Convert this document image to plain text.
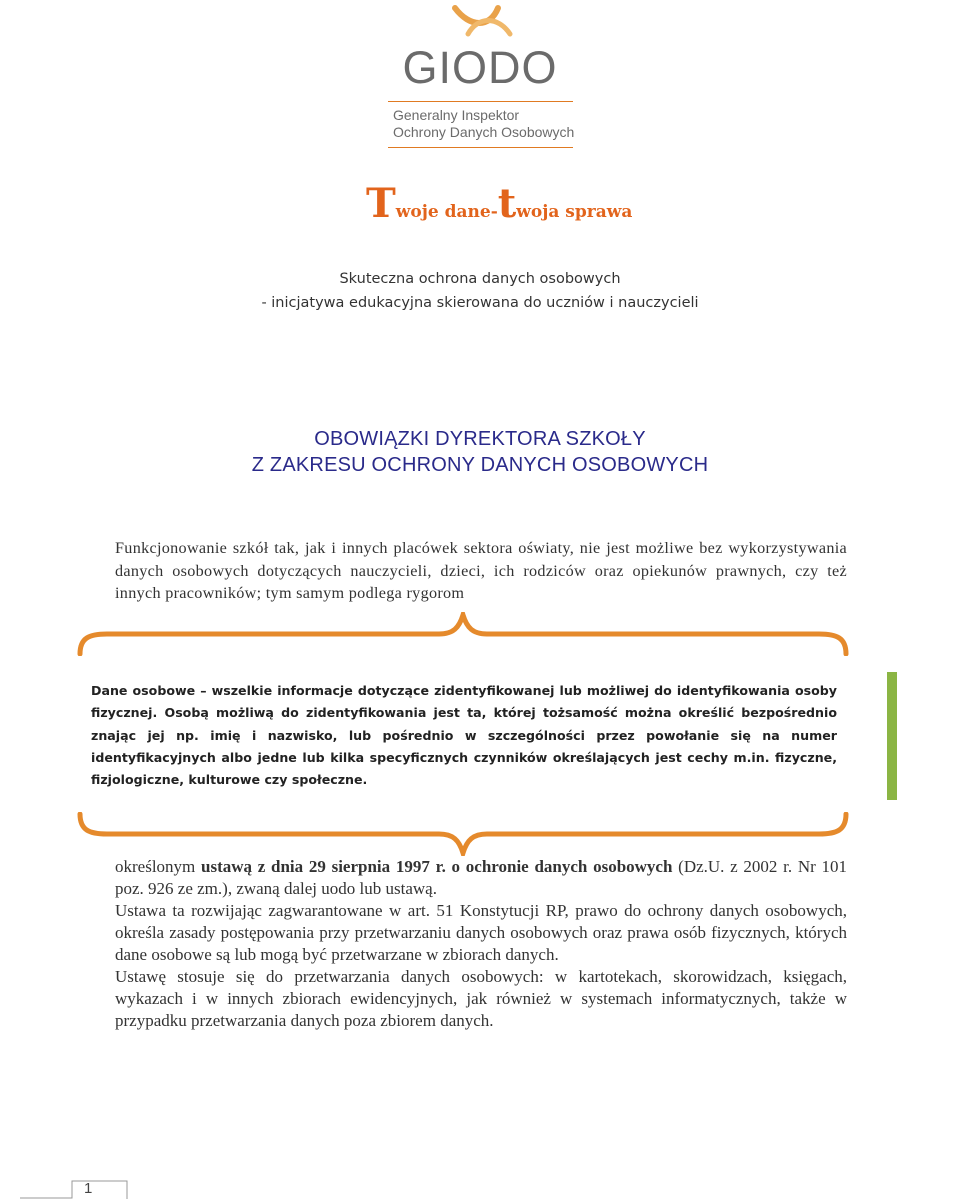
GIODO
Generalny Inspektor
Ochrony Danych Osobowych
Twoje dane-twoja sprawa
Skuteczna ochrona danych osobowych
- inicjatywa edukacyjna skierowana do uczniów i nauczycieli
OBOWIĄZKI DYREKTORA SZKOŁY
Z ZAKRESU OCHRONY DANYCH OSOBOWYCH
Funkcjonowanie szkół tak, jak i innych placówek sektora oświaty, nie jest możliwe bez wykorzystywania danych osobowych dotyczących nauczycieli, dzieci, ich rodziców oraz opiekunów prawnych, czy też innych pracowników; tym samym podlega rygorom
Dane osobowe – wszelkie informacje dotyczące zidentyfikowanej lub możliwej do identyfikowania osoby fizycznej. Osobą możliwą do zidentyfikowania jest ta, której tożsamość można określić bezpośrednio znając jej np. imię i nazwisko, lub pośrednio w szczególności przez powołanie się na numer identyfikacyjnych albo jedne lub kilka specyficznych czynników określających jest cechy m.in. fizyczne, fizjologiczne, kulturowe czy społeczne.
określonym ustawą z dnia 29 sierpnia 1997 r. o ochronie danych osobowych (Dz.U. z 2002 r. Nr 101 poz. 926 ze zm.), zwaną dalej uodo lub ustawą.
Ustawa ta rozwijając zagwarantowane w art. 51 Konstytucji RP, prawo do ochrony danych osobowych, określa zasady postępowania przy przetwarzaniu danych osobowych oraz prawa osób fizycznych, których dane osobowe są lub mogą być przetwarzane w zbiorach danych.
Ustawę stosuje się do przetwarzania danych osobowych: w kartotekach, skorowidzach, księgach, wykazach i w innych zbiorach ewidencyjnych, jak również w systemach informatycznych, także w przypadku przetwarzania danych poza zbiorem danych.
1
